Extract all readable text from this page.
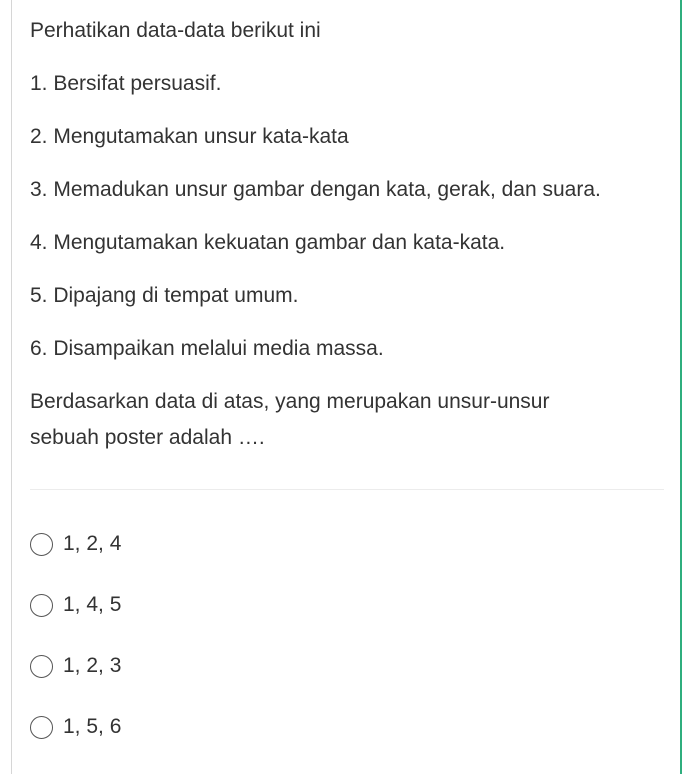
Perhatikan data-data berikut ini
1. Bersifat persuasif.
2. Mengutamakan unsur kata-kata
3. Memadukan unsur gambar dengan kata, gerak, dan suara.
4. Mengutamakan kekuatan gambar dan kata-kata.
5. Dipajang di tempat umum.
6. Disampaikan melalui media massa.
Berdasarkan data di atas, yang merupakan unsur-unsur
sebuah poster adalah ….
1, 2, 4
1, 4, 5
1, 2, 3
1, 5, 6
